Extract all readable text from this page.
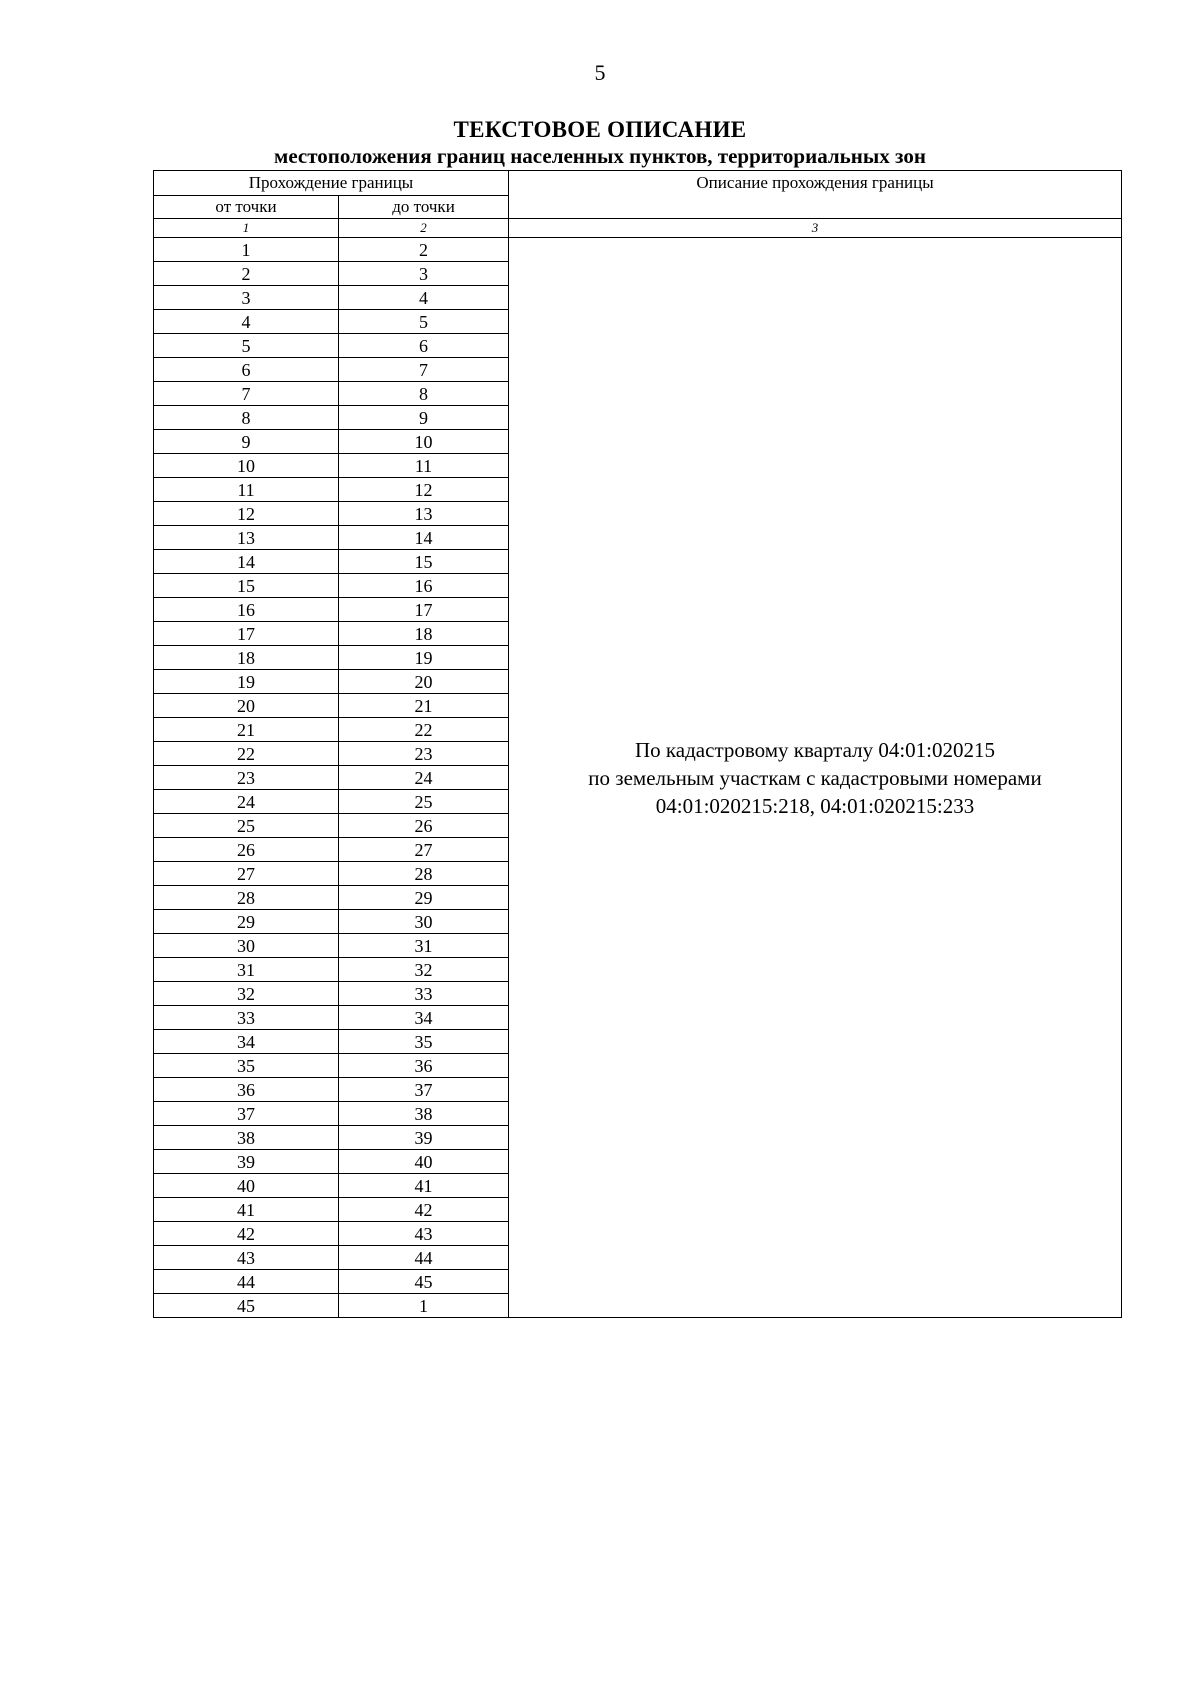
5
ТЕКСТОВОЕ ОПИСАНИЕ
местоположения границ населенных пунктов, территориальных зон
Прохождение границы		Описание прохождения границы
от точки	до точки	
1	2	3
1	2	По кадастровому кварталу 04:01:020215
по земельным участкам с кадастровыми номерами
04:01:020215:218, 04:01:020215:233

2	3	
3	4	
4	5	
5	6	
6	7	
7	8	
8	9	
9	10	
10	11	
11	12	
12	13	
13	14	
14	15	
15	16	
16	17	
17	18	
18	19	
19	20	
20	21	
21	22	
22	23	
23	24	
24	25	
25	26	
26	27	
27	28	
28	29	
29	30	
30	31	
31	32	
32	33	
33	34	
34	35	
35	36	
36	37	
37	38	
38	39	
39	40	
40	41	
41	42	
42	43	
43	44	
44	45	
45	1	
